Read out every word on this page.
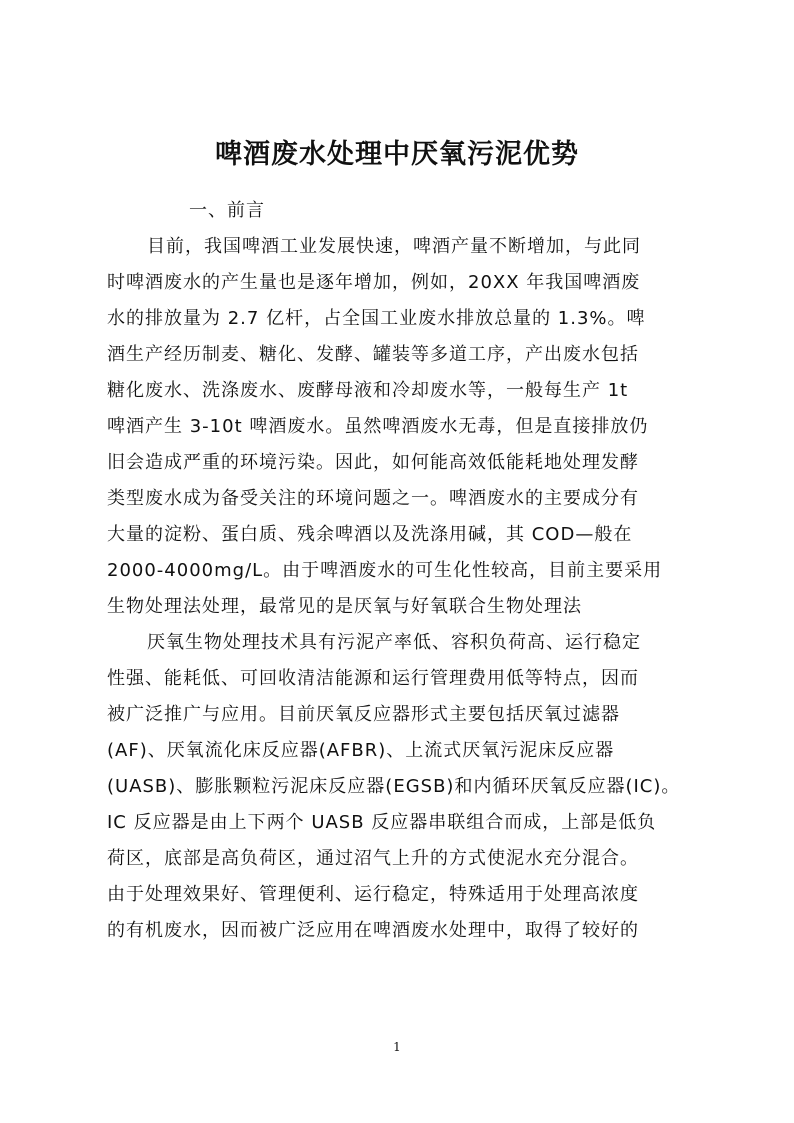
啤酒废水处理中厌氧污泥优势
一、前言
目前，我国啤酒工业发展快速，啤酒产量不断增加，与此同
时啤酒废水的产生量也是逐年增加，例如，20XX 年我国啤酒废
水的排放量为 2.7 亿杆，占全国工业废水排放总量的 1.3%。啤
酒生产经历制麦、糖化、发酵、罐装等多道工序，产出废水包括
糖化废水、洗涤废水、废酵母液和冷却废水等，一般每生产 1t
啤酒产生 3-10t 啤酒废水。虽然啤酒废水无毒，但是直接排放仍
旧会造成严重的环境污染。因此，如何能高效低能耗地处理发酵
类型废水成为备受关注的环境问题之一。啤酒废水的主要成分有
大量的淀粉、蛋白质、残余啤酒以及洗涤用碱，其 COD—般在
2000-4000mg/L。由于啤酒废水的可生化性较高，目前主要采用
生物处理法处理，最常见的是厌氧与好氧联合生物处理法
厌氧生物处理技术具有污泥产率低、容积负荷高、运行稳定
性强、能耗低、可回收清洁能源和运行管理费用低等特点，因而
被广泛推广与应用。目前厌氧反应器形式主要包括厌氧过滤器
(AF)、厌氧流化床反应器(AFBR)、上流式厌氧污泥床反应器
(UASB)、膨胀颗粒污泥床反应器(EGSB)和内循环厌氧反应器(IC)。
IC 反应器是由上下两个 UASB 反应器串联组合而成，上部是低负
荷区，底部是高负荷区，通过沼气上升的方式使泥水充分混合。
由于处理效果好、管理便利、运行稳定，特殊适用于处理高浓度
的有机废水，因而被广泛应用在啤酒废水处理中，取得了较好的
1
